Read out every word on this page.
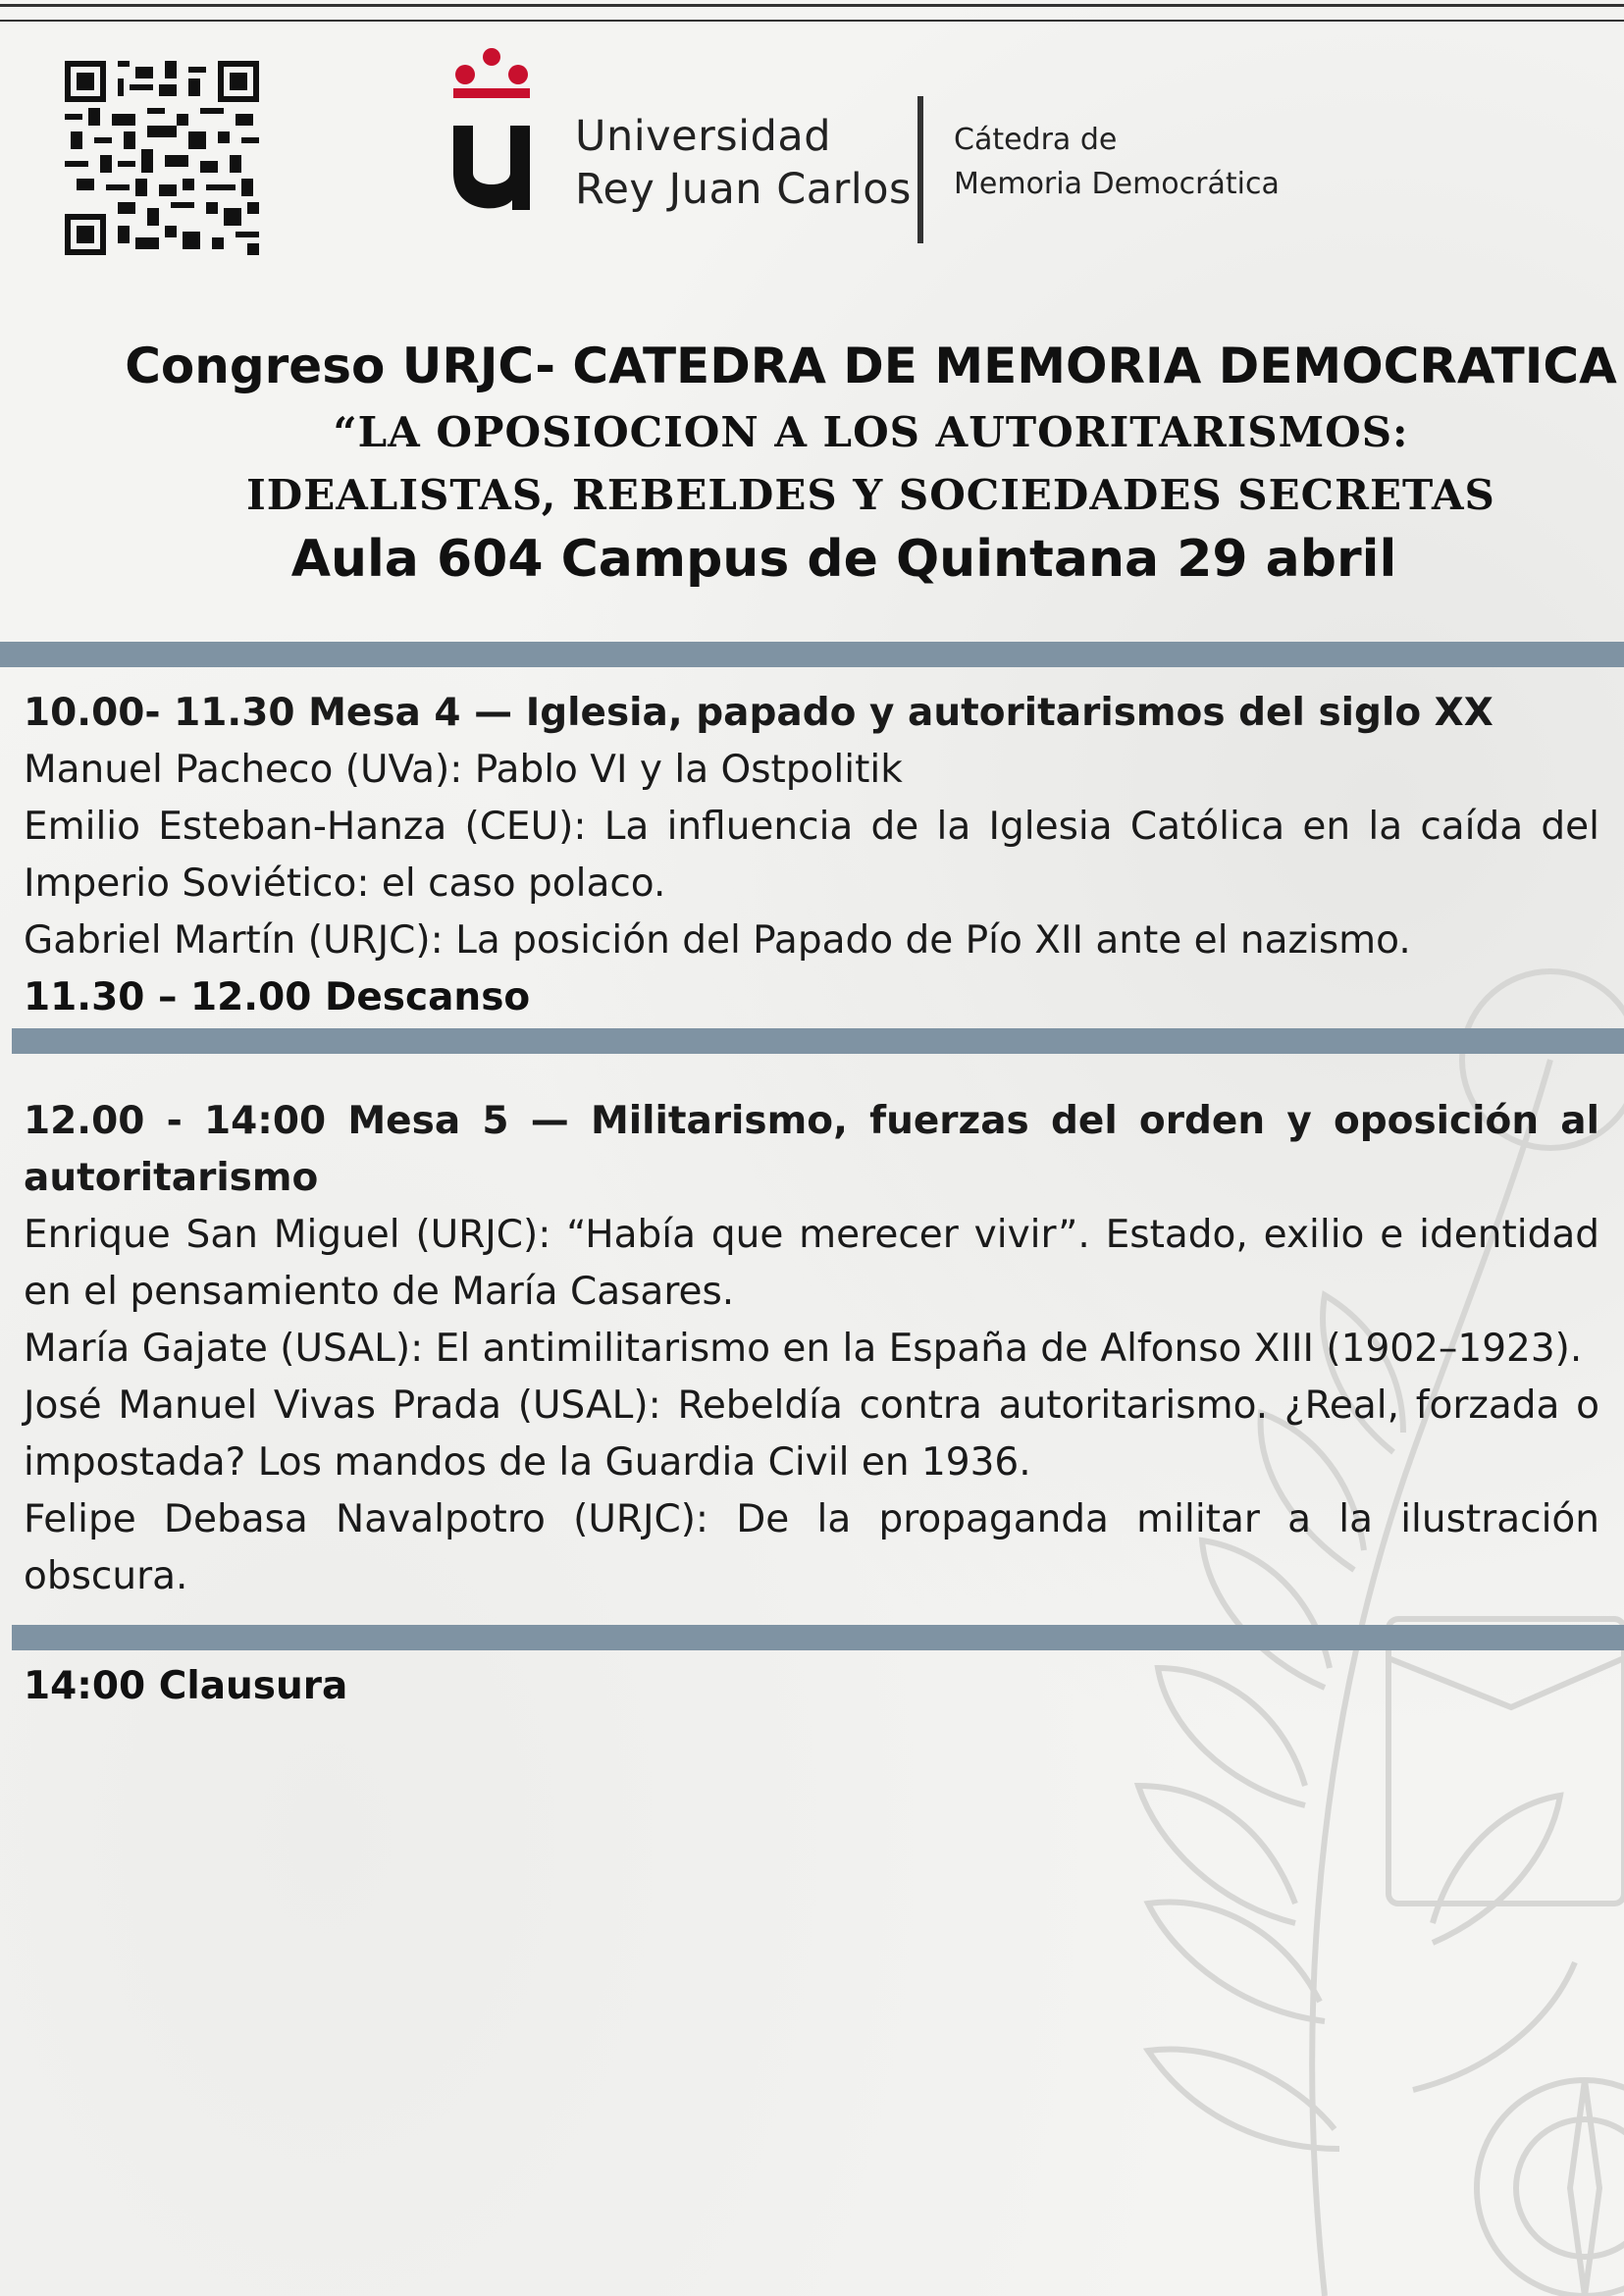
Universidad
Rey Juan Carlos
Cátedra de
Memoria Democrática
Congreso URJC- CATEDRA DE MEMORIA DEMOCRATICA
“LA OPOSIOCION A LOS AUTORITARISMOS:
IDEALISTAS, REBELDES Y SOCIEDADES SECRETAS
Aula 604 Campus de Quintana 29 abril

10.00- 11.30 Mesa 4 — Iglesia, papado y autoritarismos del siglo XX

Manuel Pacheco (UVa): Pablo VI y la Ostpolitik

Emilio Esteban-Hanza (CEU): La influencia de la Iglesia Católica en la caída del Imperio Soviético: el caso polaco.

Gabriel Martín (URJC): La posición del Papado de Pío XII ante el nazismo.

11.30 – 12.00 Descanso

12.00 - 14:00 Mesa 5 — Militarismo, fuerzas del orden y oposición al autoritarismo

Enrique San Miguel (URJC): “Había que merecer vivir”. Estado, exilio e identidad en el pensamiento de María Casares.

María Gajate (USAL): El antimilitarismo en la España de Alfonso XIII (1902–1923).

José Manuel Vivas Prada (USAL): Rebeldía contra autoritarismo. ¿Real, forzada o impostada? Los mandos de la Guardia Civil en 1936.

Felipe Debasa Navalpotro (URJC): De la propaganda militar a la ilustración obscura.

14:00 Clausura
